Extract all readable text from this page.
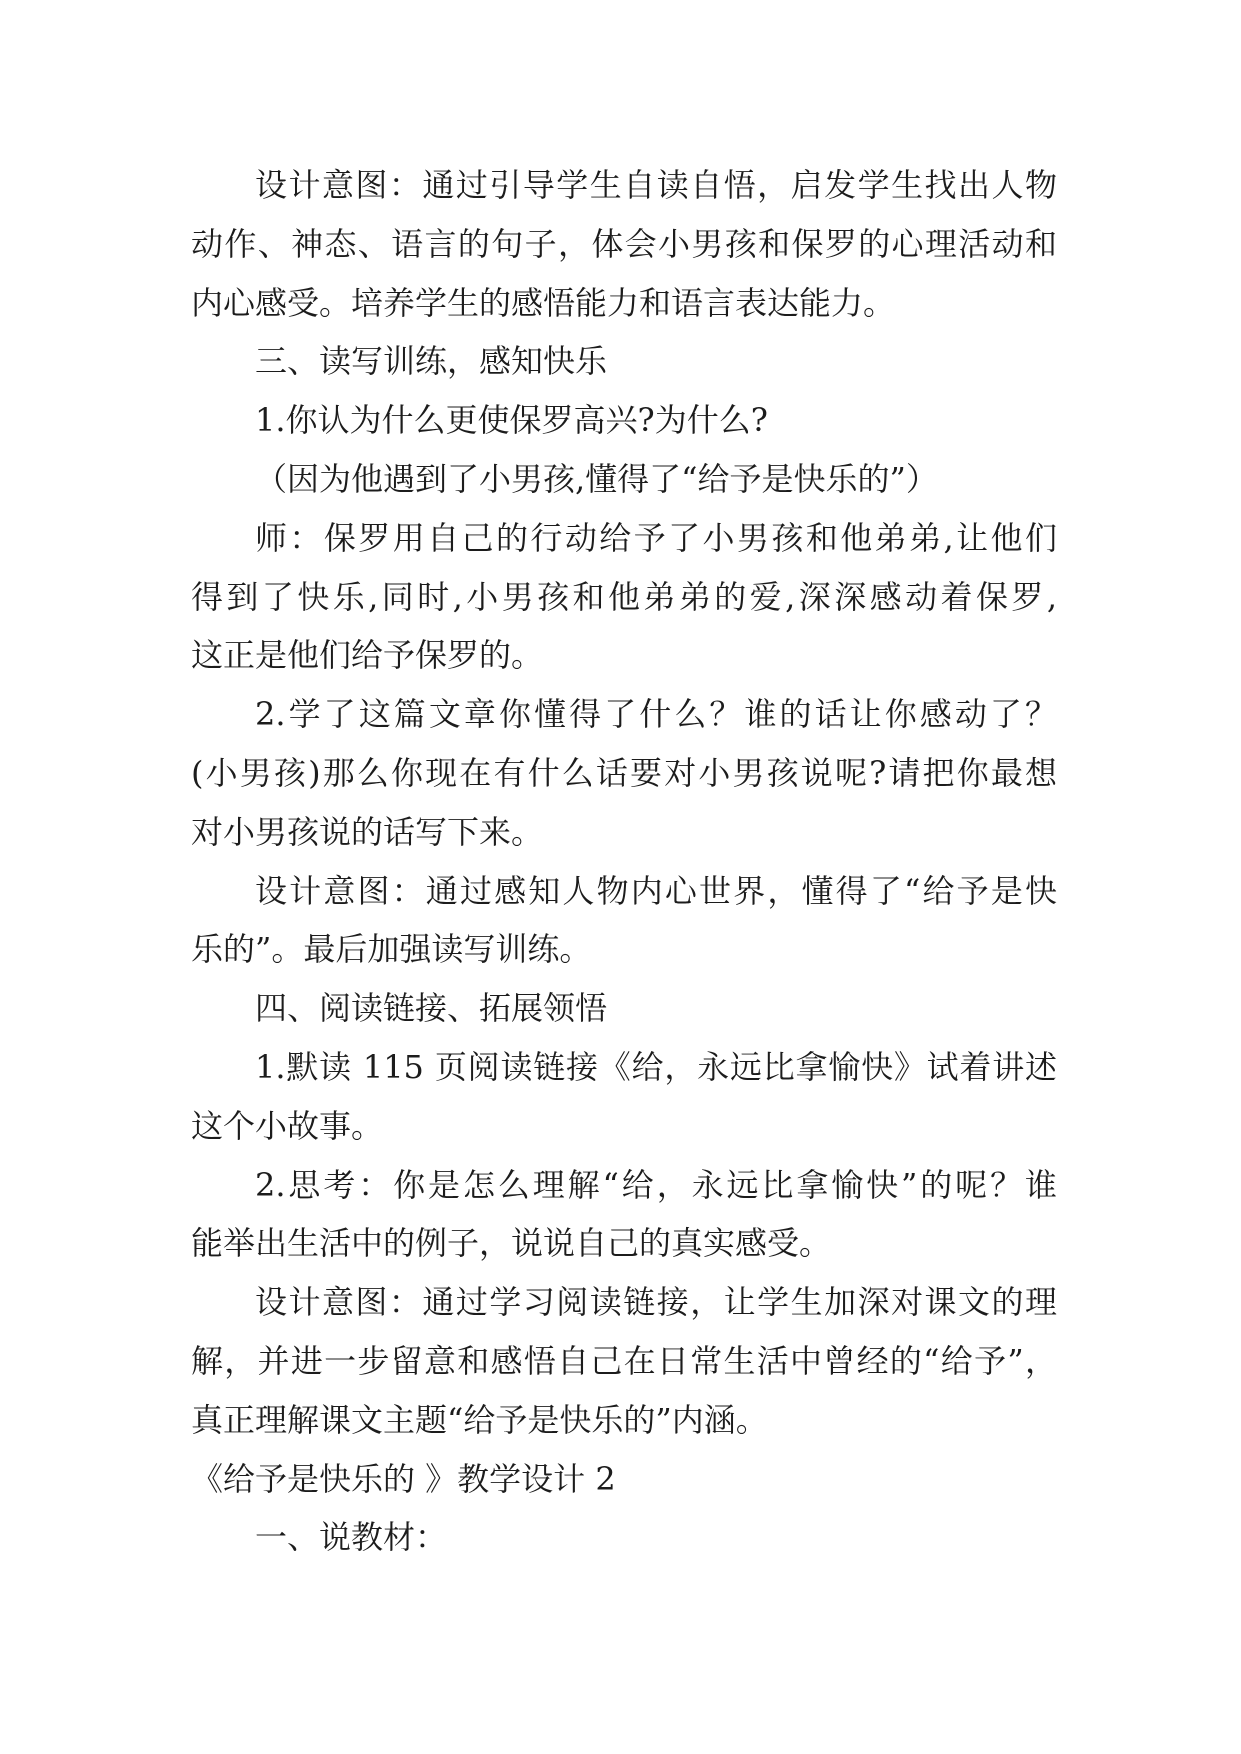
设计意图：通过引导学生自读自悟，启发学生找出人物
动作、神态、语言的句子，体会小男孩和保罗的心理活动和
内心感受。培养学生的感悟能力和语言表达能力。
三、读写训练，感知快乐
1.你认为什么更使保罗高兴?为什么?
（因为他遇到了小男孩,懂得了“给予是快乐的”）
师：保罗用自己的行动给予了小男孩和他弟弟,让他们
得到了快乐,同时,小男孩和他弟弟的爱,深深感动着保罗,
这正是他们给予保罗的。
2.学了这篇文章你懂得了什么？谁的话让你感动了？
(小男孩)那么你现在有什么话要对小男孩说呢?请把你最想
对小男孩说的话写下来。
设计意图：通过感知人物内心世界，懂得了“给予是快
乐的”。最后加强读写训练。
四、阅读链接、拓展领悟
1.默读 115 页阅读链接《给，永远比拿愉快》试着讲述
这个小故事。
2.思考：你是怎么理解“给，永远比拿愉快”的呢？谁
能举出生活中的例子，说说自己的真实感受。
设计意图：通过学习阅读链接，让学生加深对课文的理
解，并进一步留意和感悟自己在日常生活中曾经的“给予”，
真正理解课文主题“给予是快乐的”内涵。
《给予是快乐的 》教学设计 2
一、说教材：
